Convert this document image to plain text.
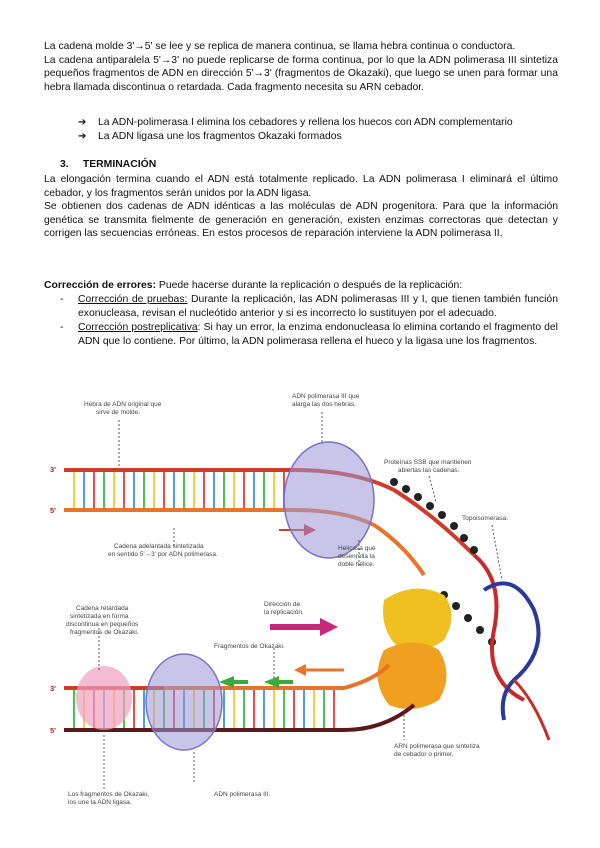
La cadena molde 3'→5' se lee y se replica de manera continua, se llama hebra continua o conductora.
La cadena antiparalela 5'→3' no puede replicarse de forma continua, por lo que la ADN polimerasa III sintetiza pequeños fragmentos de ADN en dirección 5'→3' (fragmentos de Okazaki), que luego se unen para formar una hebra llamada discontinua o retardada. Cada fragmento necesita su ARN cebador.
➔	La ADN-polimerasa I elimina los cebadores y rellena los huecos con ADN complementario
➔	La ADN ligasa une los fragmentos Okazaki formados
3. TERMINACIÓN
La elongación termina cuando el ADN está totalmente replicado. La ADN polimerasa I eliminará el último cebador, y los fragmentos serán unidos por la ADN ligasa.
Se obtienen dos cadenas de ADN idénticas a las moléculas de ADN progenitora. Para que la información genética se transmita fielmente de generación en generación, existen enzimas correctoras que detectan y corrigen las secuencias erróneas. En estos procesos de reparación interviene la ADN polimerasa II.
Corrección de errores: Puede hacerse durante la replicación o después de la replicación:
-	Corrección de pruebas: Durante la replicación, las ADN polimerasas III y I, que tienen también función exonucleasa, revisan el nucleótido anterior y si es incorrecto lo sustituyen por el adecuado.
-	Corrección postreplicativa: Si hay un error, la enzima endonucleasa lo elimina cortando el fragmento del ADN que lo contiene. Por último, la ADN polimerasa rellena el hueco y la ligasa une los fragmentos.
3'
5'
3'
5'
Hebra de ADN original que sirve de molde.
ADN polimerasa III que alarga las dos hebras.
Proteínas SSB que mantienen abiertas las cadenas.
Topoisomerasa.
Cadena adelantada sintetizada en sentido 5'→3' por ADN polimerasa.
Helicasa que desenrolla la doble hélice.
Dirección de la replicación.
Cadena retardada sintetizada en forma discontinua en pequeños fragmentos de Okazaki.
Fragmentos de Okazaki.
ARN polimerasa que sintetiza de cebador o primer.
Los fragmentos de Okazaki, los une la ADN ligasa.
ADN polimerasa III.
